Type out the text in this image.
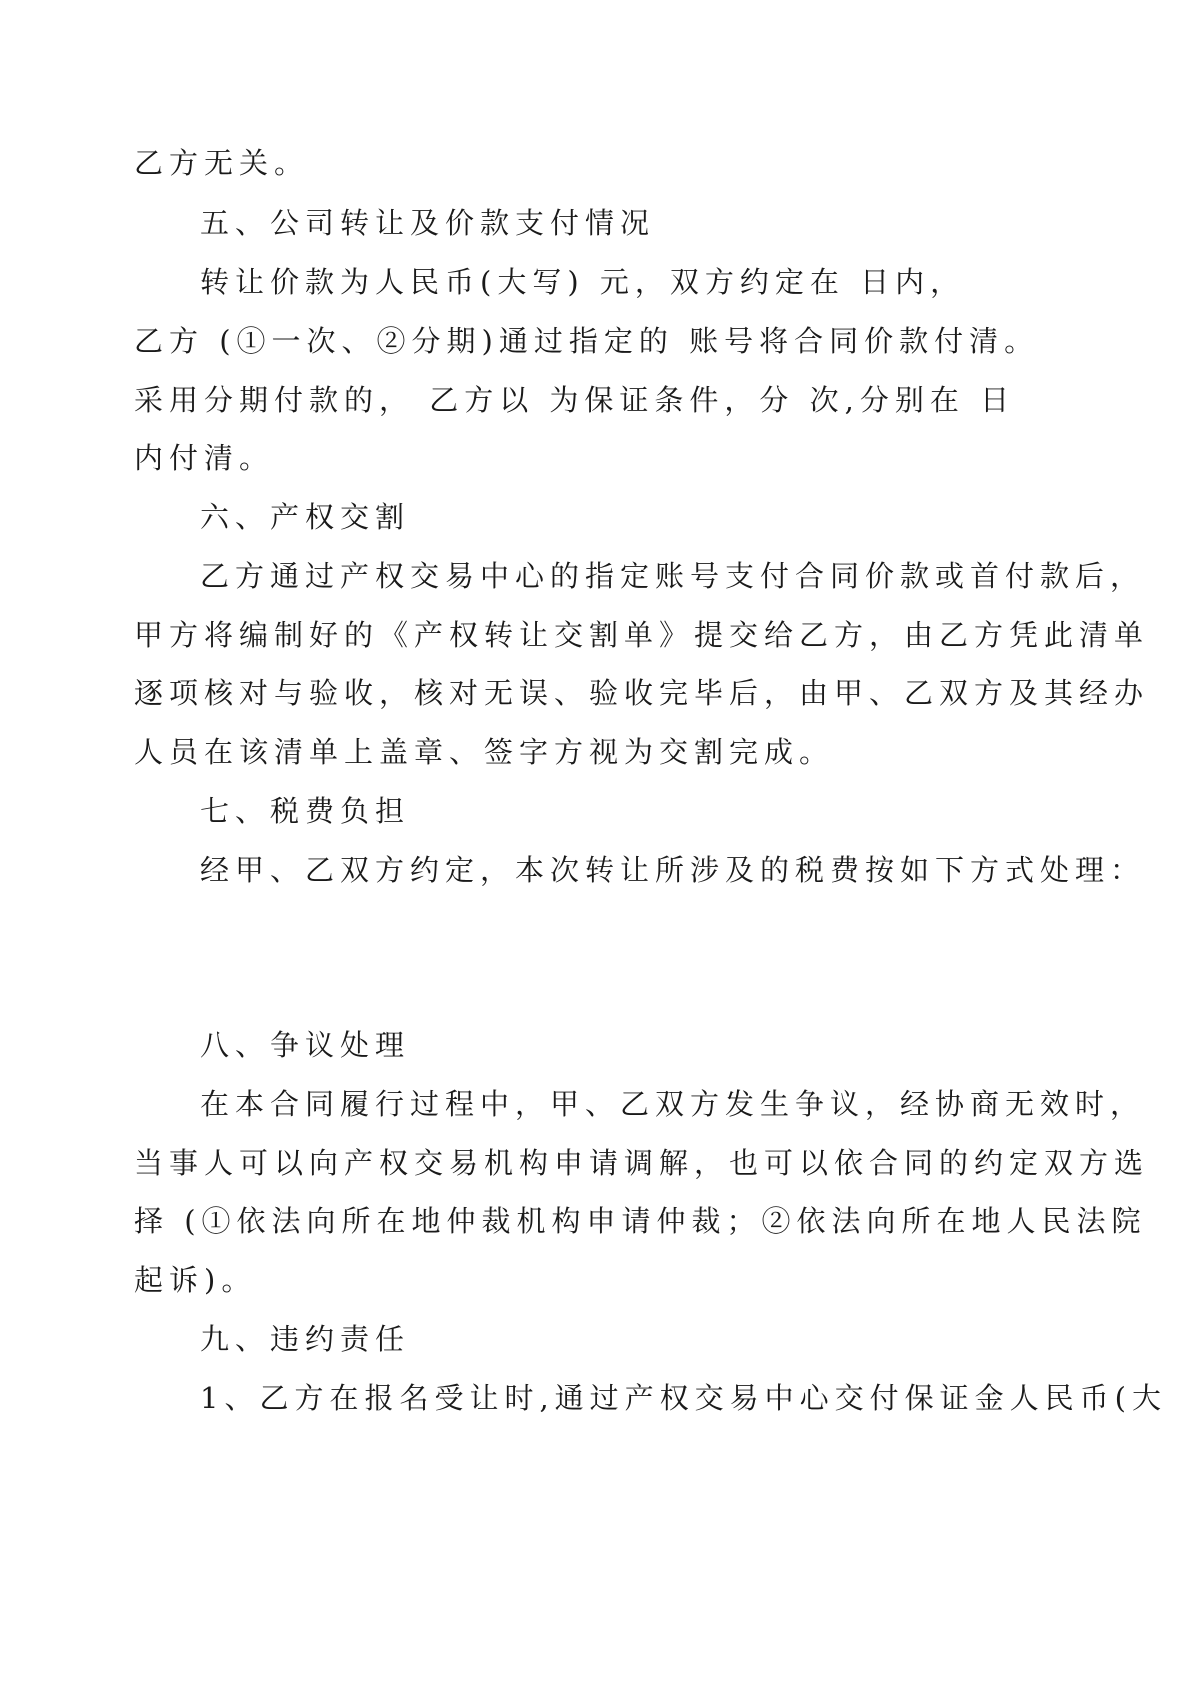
乙方无关。
五、公司转让及价款支付情况
转让价款为人民币(大写) 元，双方约定在 日内，
乙方 (①一次、②分期)通过指定的 账号将合同价款付清。
采用分期付款的， 乙方以 为保证条件，分 次,分别在 日
内付清。
六、产权交割
乙方通过产权交易中心的指定账号支付合同价款或首付款后，
甲方将编制好的《产权转让交割单》提交给乙方，由乙方凭此清单
逐项核对与验收，核对无误、验收完毕后，由甲、乙双方及其经办
人员在该清单上盖章、签字方视为交割完成。
七、税费负担
经甲、乙双方约定，本次转让所涉及的税费按如下方式处理：
八、争议处理
在本合同履行过程中，甲、乙双方发生争议，经协商无效时，
当事人可以向产权交易机构申请调解，也可以依合同的约定双方选
择 (①依法向所在地仲裁机构申请仲裁；②依法向所在地人民法院
起诉)。
九、违约责任
1、乙方在报名受让时,通过产权交易中心交付保证金人民币(大
